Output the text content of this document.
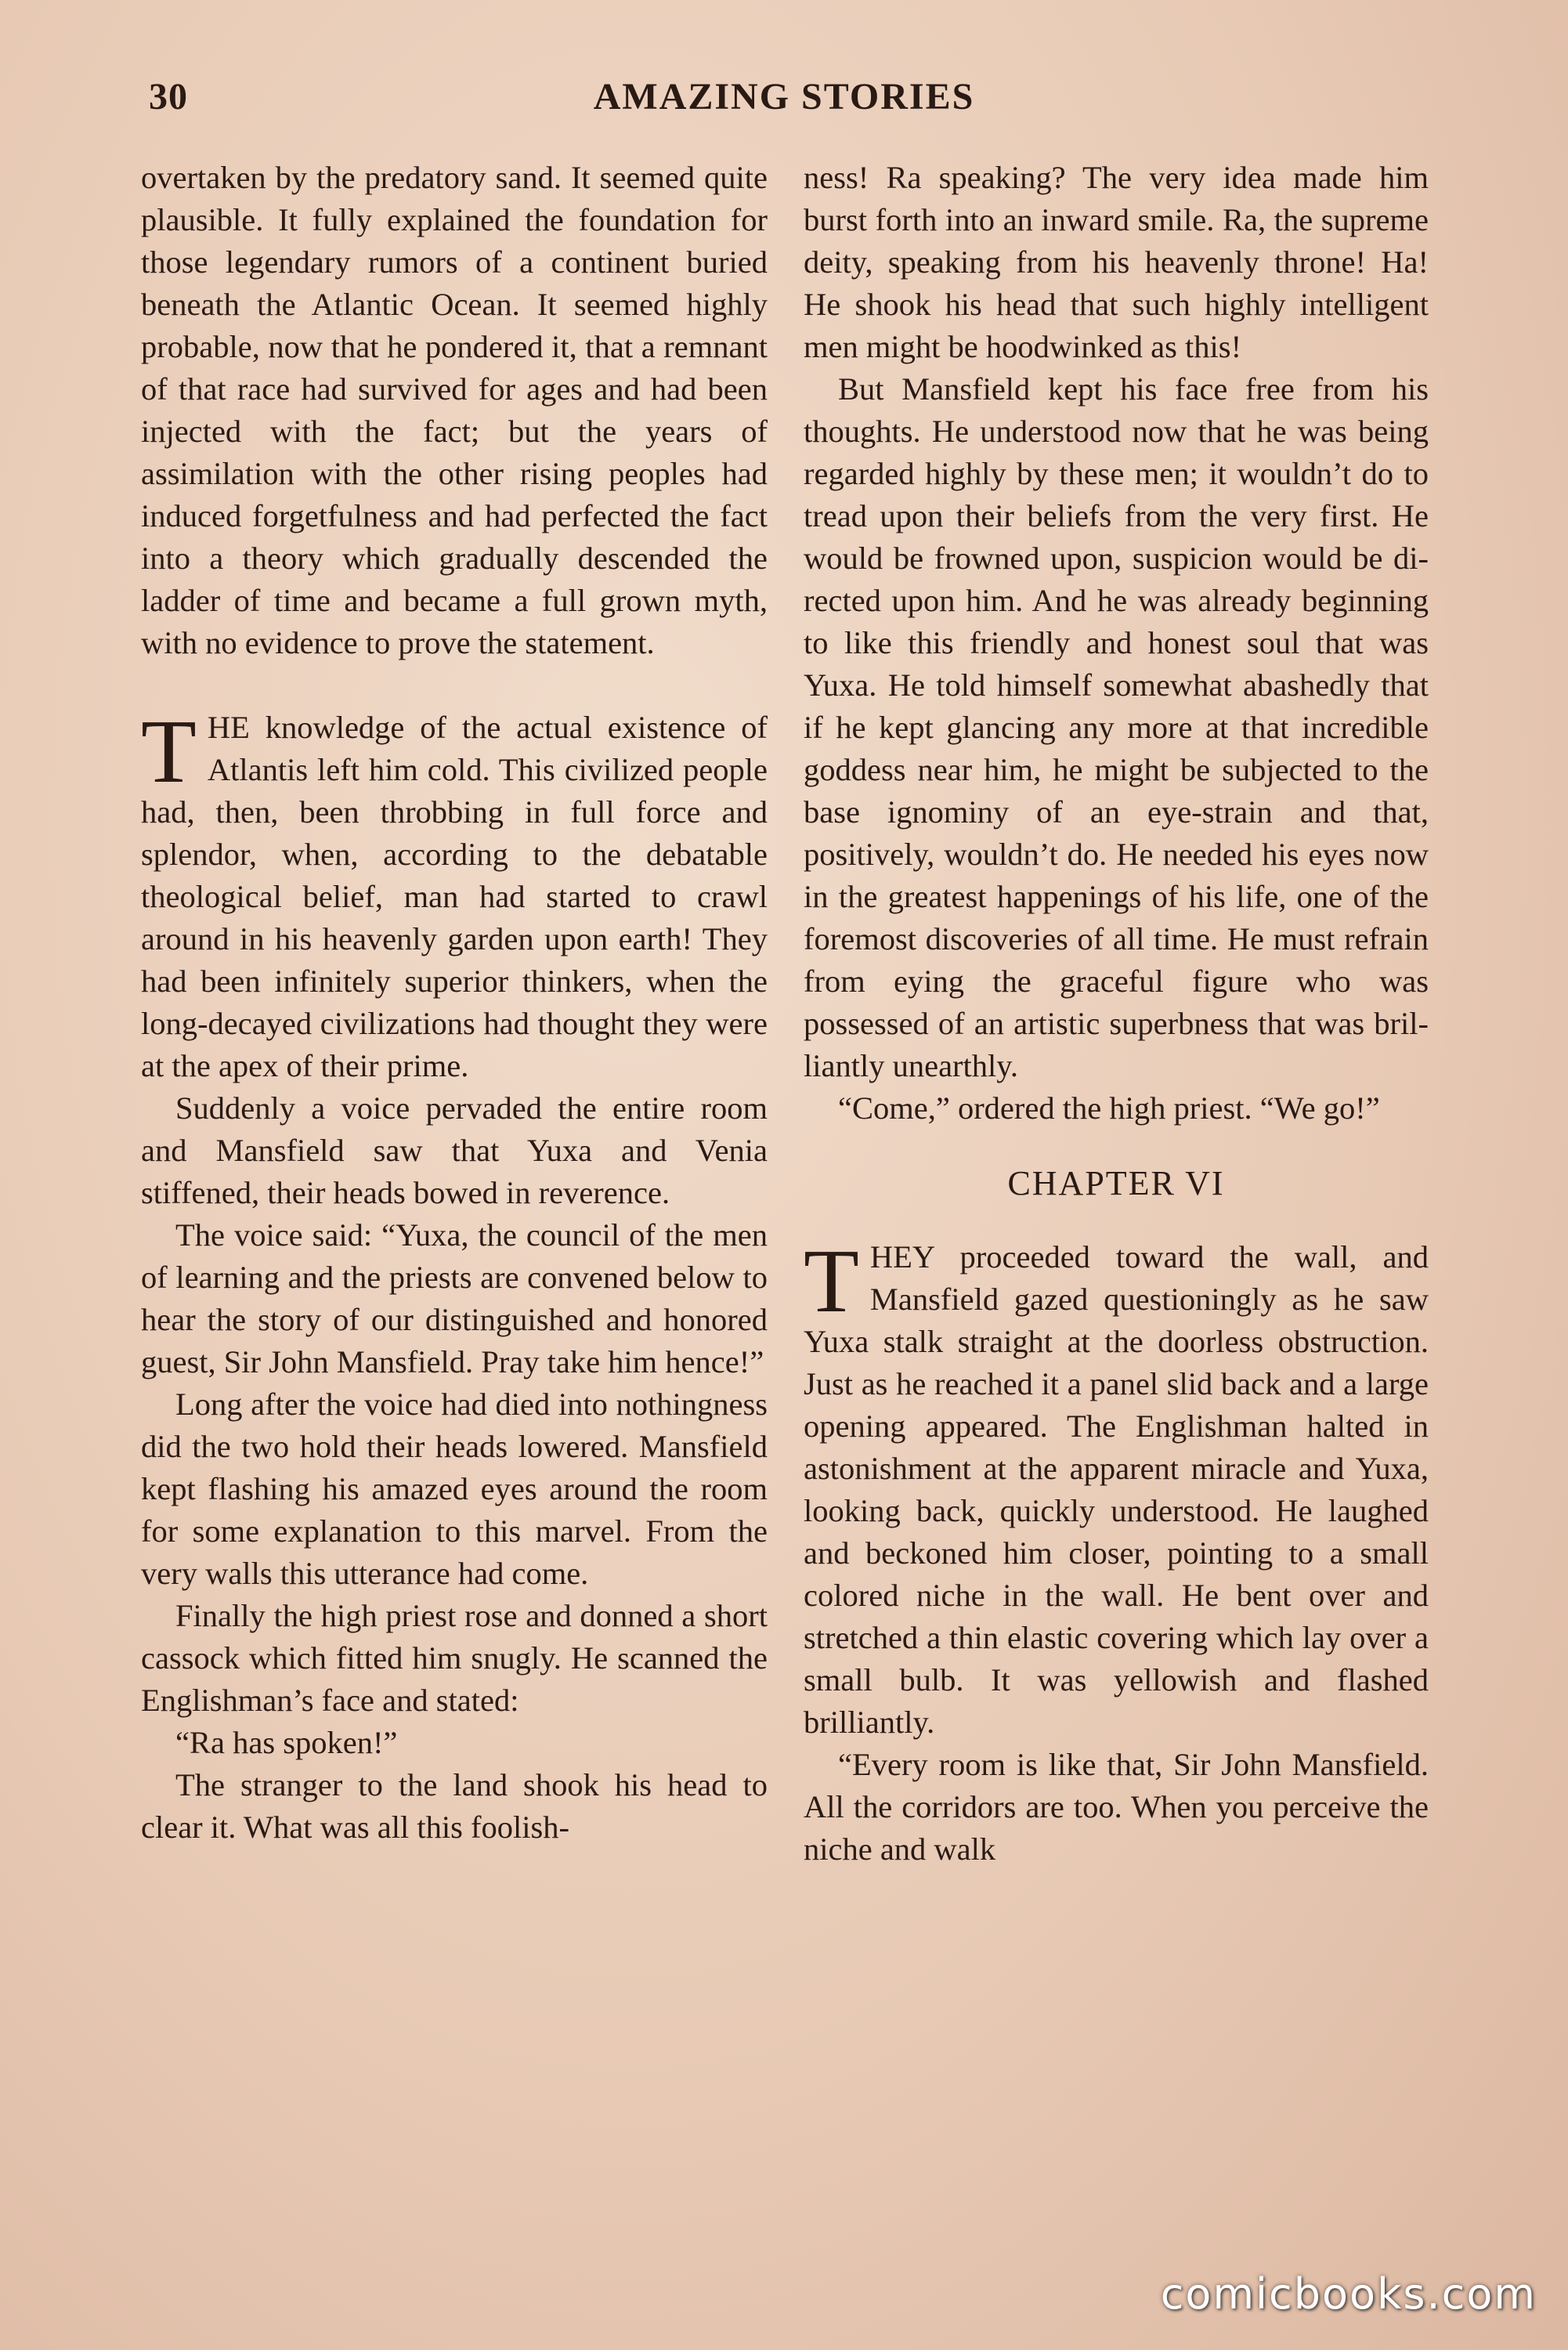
30	AMAZING STORIES

overtaken by the predatory sand. It seemed quite plausible. It fully explained the foundation for those legendary rumors of a continent buried beneath the Atlantic Ocean. It seemed highly probable, now that he pondered it, that a remnant of that race had survived for ages and had been injected with the fact; but the years of assimilation with the other rising peoples had induced forgetfulness and had perfected the fact into a theory which gradually descended the ladder of time and became a full grown myth, with no evidence to prove the statement.

THE knowledge of the actual existence of Atlantis left him cold. This civilized people had, then, been throbbing in full force and splendor, when, according to the debatable theological belief, man had started to crawl around in his heavenly garden upon earth! They had been infinitely superior thinkers, when the long-decayed civilizations had thought they were at the apex of their prime.

Suddenly a voice pervaded the entire room and Mansfield saw that Yuxa and Venia stiffened, their heads bowed in reverence.

The voice said: “Yuxa, the council of the men of learning and the priests are convened below to hear the story of our distinguished and honored guest, Sir John Mansfield. Pray take him hence!”

Long after the voice had died into nothingness did the two hold their heads lowered. Mansfield kept flashing his amazed eyes around the room for some explanation to this marvel. From the very walls this utterance had come.

Finally the high priest rose and donned a short cassock which fitted him snugly. He scanned the Englishman’s face and stated:

“Ra has spoken!”

The stranger to the land shook his head to clear it. What was all this foolish-

ness! Ra speaking? The very idea made him burst forth into an inward smile. Ra, the supreme deity, speaking from his heavenly throne! Ha! He shook his head that such highly intelligent men might be hoodwinked as this!

But Mansfield kept his face free from his thoughts. He understood now that he was being regarded highly by these men; it wouldn’t do to tread upon their beliefs from the very first. He would be frowned upon, suspicion would be directed upon him. And he was already beginning to like this friendly and honest soul that was Yuxa. He told himself somewhat abashedly that if he kept glancing any more at that incredible goddess near him, he might be subjected to the base ignominy of an eye-strain and that, positively, wouldn’t do. He needed his eyes now in the greatest happenings of his life, one of the foremost discoveries of all time. He must refrain from eying the graceful figure who was possessed of an artistic superbness that was brilliantly unearthly.

“Come,” ordered the high priest. “We go!”

CHAPTER VI

THEY proceeded toward the wall, and Mansfield gazed questioningly as he saw Yuxa stalk straight at the doorless obstruction. Just as he reached it a panel slid back and a large opening appeared. The Englishman halted in astonishment at the apparent miracle and Yuxa, looking back, quickly understood. He laughed and beckoned him closer, pointing to a small colored niche in the wall. He bent over and stretched a thin elastic covering which lay over a small bulb. It was yellowish and flashed brilliantly.

“Every room is like that, Sir John Mansfield. All the corridors are too. When you perceive the niche and walk

comicbooks.com
